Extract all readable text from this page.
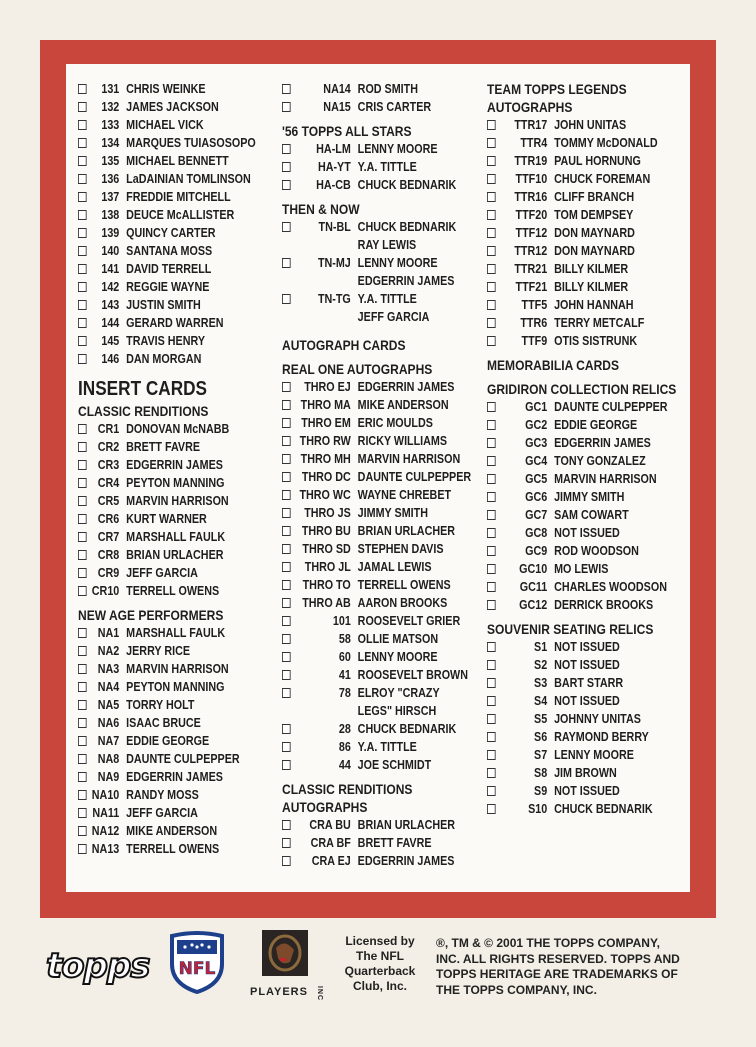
131 CHRIS WEINKE
132 JAMES JACKSON
133 MICHAEL VICK
134 MARQUES TUIASOSOPO
135 MICHAEL BENNETT
136 LaDAINIAN TOMLINSON
137 FREDDIE MITCHELL
138 DEUCE McALLISTER
139 QUINCY CARTER
140 SANTANA MOSS
141 DAVID TERRELL
142 REGGIE WAYNE
143 JUSTIN SMITH
144 GERARD WARREN
145 TRAVIS HENRY
146 DAN MORGAN
INSERT CARDS
CLASSIC RENDITIONS
CR1 DONOVAN McNABB
CR2 BRETT FAVRE
CR3 EDGERRIN JAMES
CR4 PEYTON MANNING
CR5 MARVIN HARRISON
CR6 KURT WARNER
CR7 MARSHALL FAULK
CR8 BRIAN URLACHER
CR9 JEFF GARCIA
CR10 TERRELL OWENS
NEW AGE PERFORMERS
NA1 MARSHALL FAULK
NA2 JERRY RICE
NA3 MARVIN HARRISON
NA4 PEYTON MANNING
NA5 TORRY HOLT
NA6 ISAAC BRUCE
NA7 EDDIE GEORGE
NA8 DAUNTE CULPEPPER
NA9 EDGERRIN JAMES
NA10 RANDY MOSS
NA11 JEFF GARCIA
NA12 MIKE ANDERSON
NA13 TERRELL OWENS
NA14 ROD SMITH
NA15 CRIS CARTER
'56 TOPPS ALL STARS
HA-LM LENNY MOORE
HA-YT Y.A. TITTLE
HA-CB CHUCK BEDNARIK
THEN & NOW
TN-BL CHUCK BEDNARIK
RAY LEWIS
TN-MJ LENNY MOORE
EDGERRIN JAMES
TN-TG Y.A. TITTLE
JEFF GARCIA
AUTOGRAPH CARDS
REAL ONE AUTOGRAPHS
THRO EJ EDGERRIN JAMES
THRO MA MIKE ANDERSON
THRO EM ERIC MOULDS
THRO RW RICKY WILLIAMS
THRO MH MARVIN HARRISON
THRO DC DAUNTE CULPEPPER
THRO WC WAYNE CHREBET
THRO JS JIMMY SMITH
THRO BU BRIAN URLACHER
THRO SD STEPHEN DAVIS
THRO JL JAMAL LEWIS
THRO TO TERRELL OWENS
THRO AB AARON BROOKS
101 ROOSEVELT GRIER
58 OLLIE MATSON
60 LENNY MOORE
41 ROOSEVELT BROWN
78 ELROY "CRAZY
LEGS" HIRSCH
28 CHUCK BEDNARIK
86 Y.A. TITTLE
44 JOE SCHMIDT
CLASSIC RENDITIONS
AUTOGRAPHS
CRA BU BRIAN URLACHER
CRA BF BRETT FAVRE
CRA EJ EDGERRIN JAMES
TEAM TOPPS LEGENDS
AUTOGRAPHS
TTR17 JOHN UNITAS
TTR4 TOMMY McDONALD
TTR19 PAUL HORNUNG
TTF10 CHUCK FOREMAN
TTR16 CLIFF BRANCH
TTF20 TOM DEMPSEY
TTF12 DON MAYNARD
TTR12 DON MAYNARD
TTR21 BILLY KILMER
TTF21 BILLY KILMER
TTF5 JOHN HANNAH
TTR6 TERRY METCALF
TTF9 OTIS SISTRUNK
MEMORABILIA CARDS
GRIDIRON COLLECTION RELICS
GC1 DAUNTE CULPEPPER
GC2 EDDIE GEORGE
GC3 EDGERRIN JAMES
GC4 TONY GONZALEZ
GC5 MARVIN HARRISON
GC6 JIMMY SMITH
GC7 SAM COWART
GC8 NOT ISSUED
GC9 ROD WOODSON
GC10 MO LEWIS
GC11 CHARLES WOODSON
GC12 DERRICK BROOKS
SOUVENIR SEATING RELICS
S1 NOT ISSUED
S2 NOT ISSUED
S3 BART STARR
S4 NOT ISSUED
S5 JOHNNY UNITAS
S6 RAYMOND BERRY
S7 LENNY MOORE
S8 JIM BROWN
S9 NOT ISSUED
S10 CHUCK BEDNARIK
topps NFL
PLAYERS INC
Licensed by
The NFL
Quarterback
Club, Inc.
®, TM & © 2001 THE TOPPS COMPANY,
INC. ALL RIGHTS RESERVED. TOPPS AND
TOPPS HERITAGE ARE TRADEMARKS OF
THE TOPPS COMPANY, INC.
